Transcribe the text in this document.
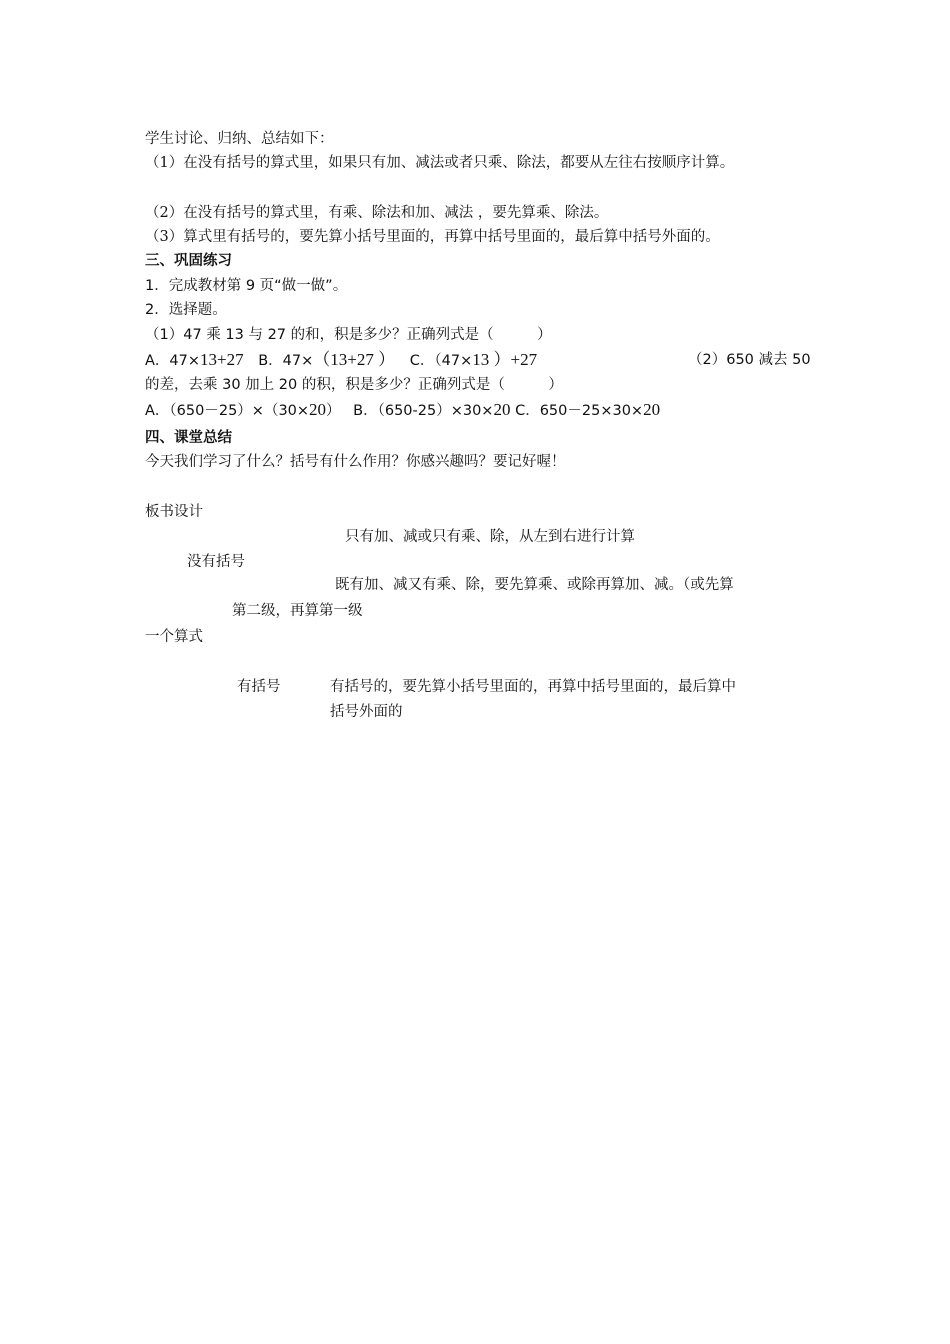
学生讨论、归纳、总结如下：
（1）在没有括号的算式里，如果只有加、减法或者只乘、除法，都要从左往右按顺序计算。
（2）在没有括号的算式里，有乘、除法和加、减法 ，要先算乘、除法。
（3）算式里有括号的，要先算小括号里面的，再算中括号里面的，最后算中括号外面的。
三、巩固练习
1．完成教材第 9 页“做一做”。
2．选择题。
（1）47 乘 13 与 27 的和，积是多少？正确列式是（　　　）
A．47×13+27 B．47×（13+27 ） C．（47×13 ）+27	（2）650 减去 50
的差，去乘 30 加上 20 的积，积是多少？正确列式是（　　　）
A．（650－25）×（30×20） B．（650-25）×30×20 C．650－25×30×20
四、课堂总结
今天我们学习了什么？括号有什么作用？你感兴趣吗？要记好喔！
板书设计
只有加、减或只有乘、除，从左到右进行计算
没有括号
既有加、减又有乘、除，要先算乘、或除再算加、减。（或先算
第二级，再算第一级
一个算式
有括号	有括号的，要先算小括号里面的，再算中括号里面的，最后算中
括号外面的
